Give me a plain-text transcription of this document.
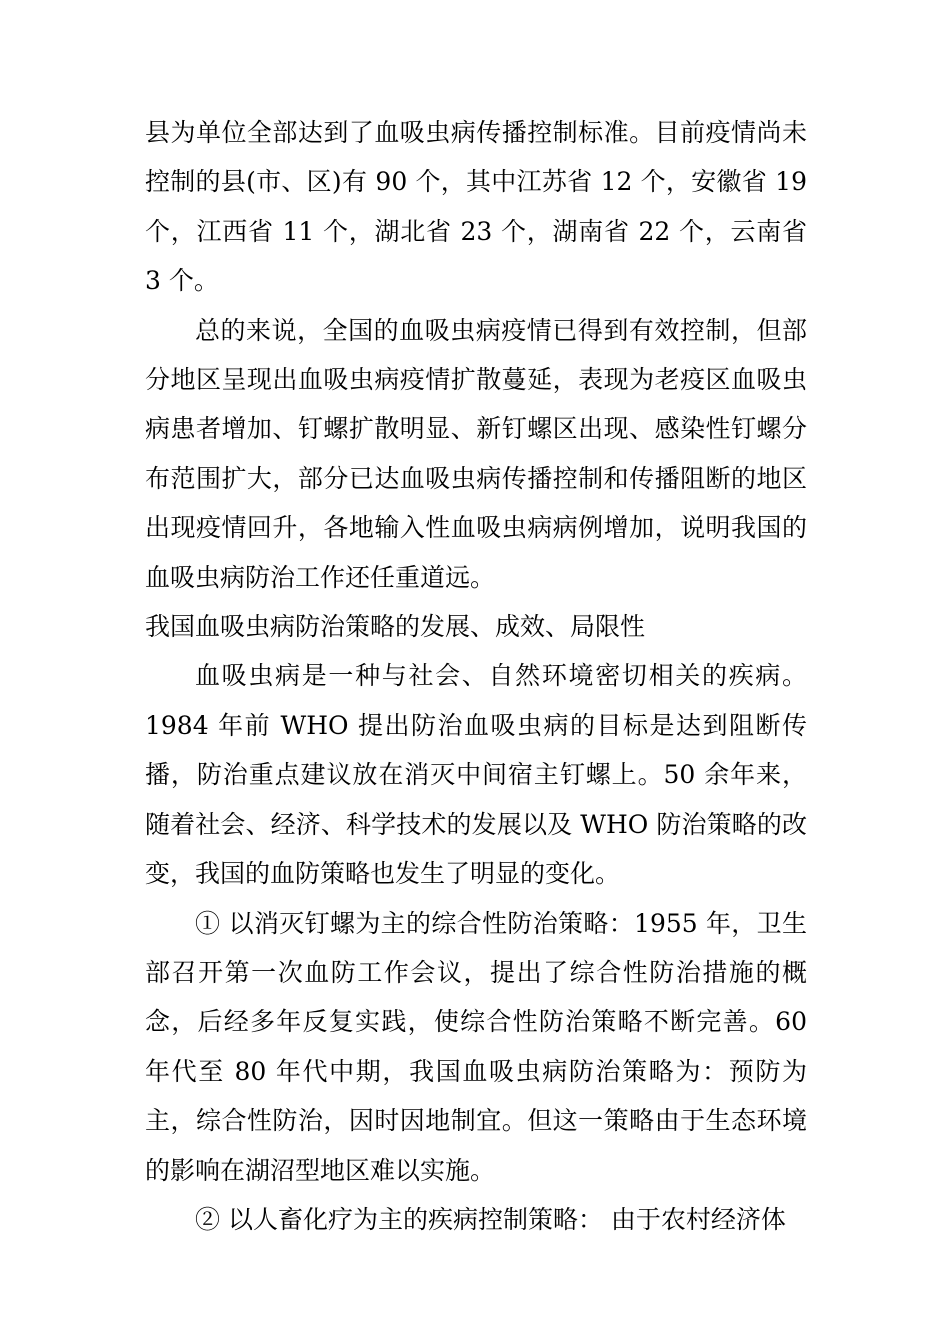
县为单位全部达到了血吸虫病传播控制标准。目前疫情尚未控制的县(市、区)有 90 个，其中江苏省 12 个，安徽省 19 个，江西省 11 个，湖北省 23 个，湖南省 22 个，云南省 3 个。

总的来说，全国的血吸虫病疫情已得到有效控制，但部分地区呈现出血吸虫病疫情扩散蔓延，表现为老疫区血吸虫病患者增加、钉螺扩散明显、新钉螺区出现、感染性钉螺分布范围扩大，部分已达血吸虫病传播控制和传播阻断的地区出现疫情回升，各地输入性血吸虫病病例增加，说明我国的血吸虫病防治工作还任重道远。

我国血吸虫病防治策略的发展、成效、局限性

血吸虫病是一种与社会、自然环境密切相关的疾病。1984 年前 WHO 提出防治血吸虫病的目标是达到阻断传播，防治重点建议放在消灭中间宿主钉螺上。50 余年来，随着社会、经济、科学技术的发展以及 WHO 防治策略的改变，我国的血防策略也发生了明显的变化。

① 以消灭钉螺为主的综合性防治策略：1955 年，卫生部召开第一次血防工作会议，提出了综合性防治措施的概念，后经多年反复实践，使综合性防治策略不断完善。60 年代至 80 年代中期，我国血吸虫病防治策略为：预防为主，综合性防治，因时因地制宜。但这一策略由于生态环境的影响在湖沼型地区难以实施。

② 以人畜化疗为主的疾病控制策略： 由于农村经济体
